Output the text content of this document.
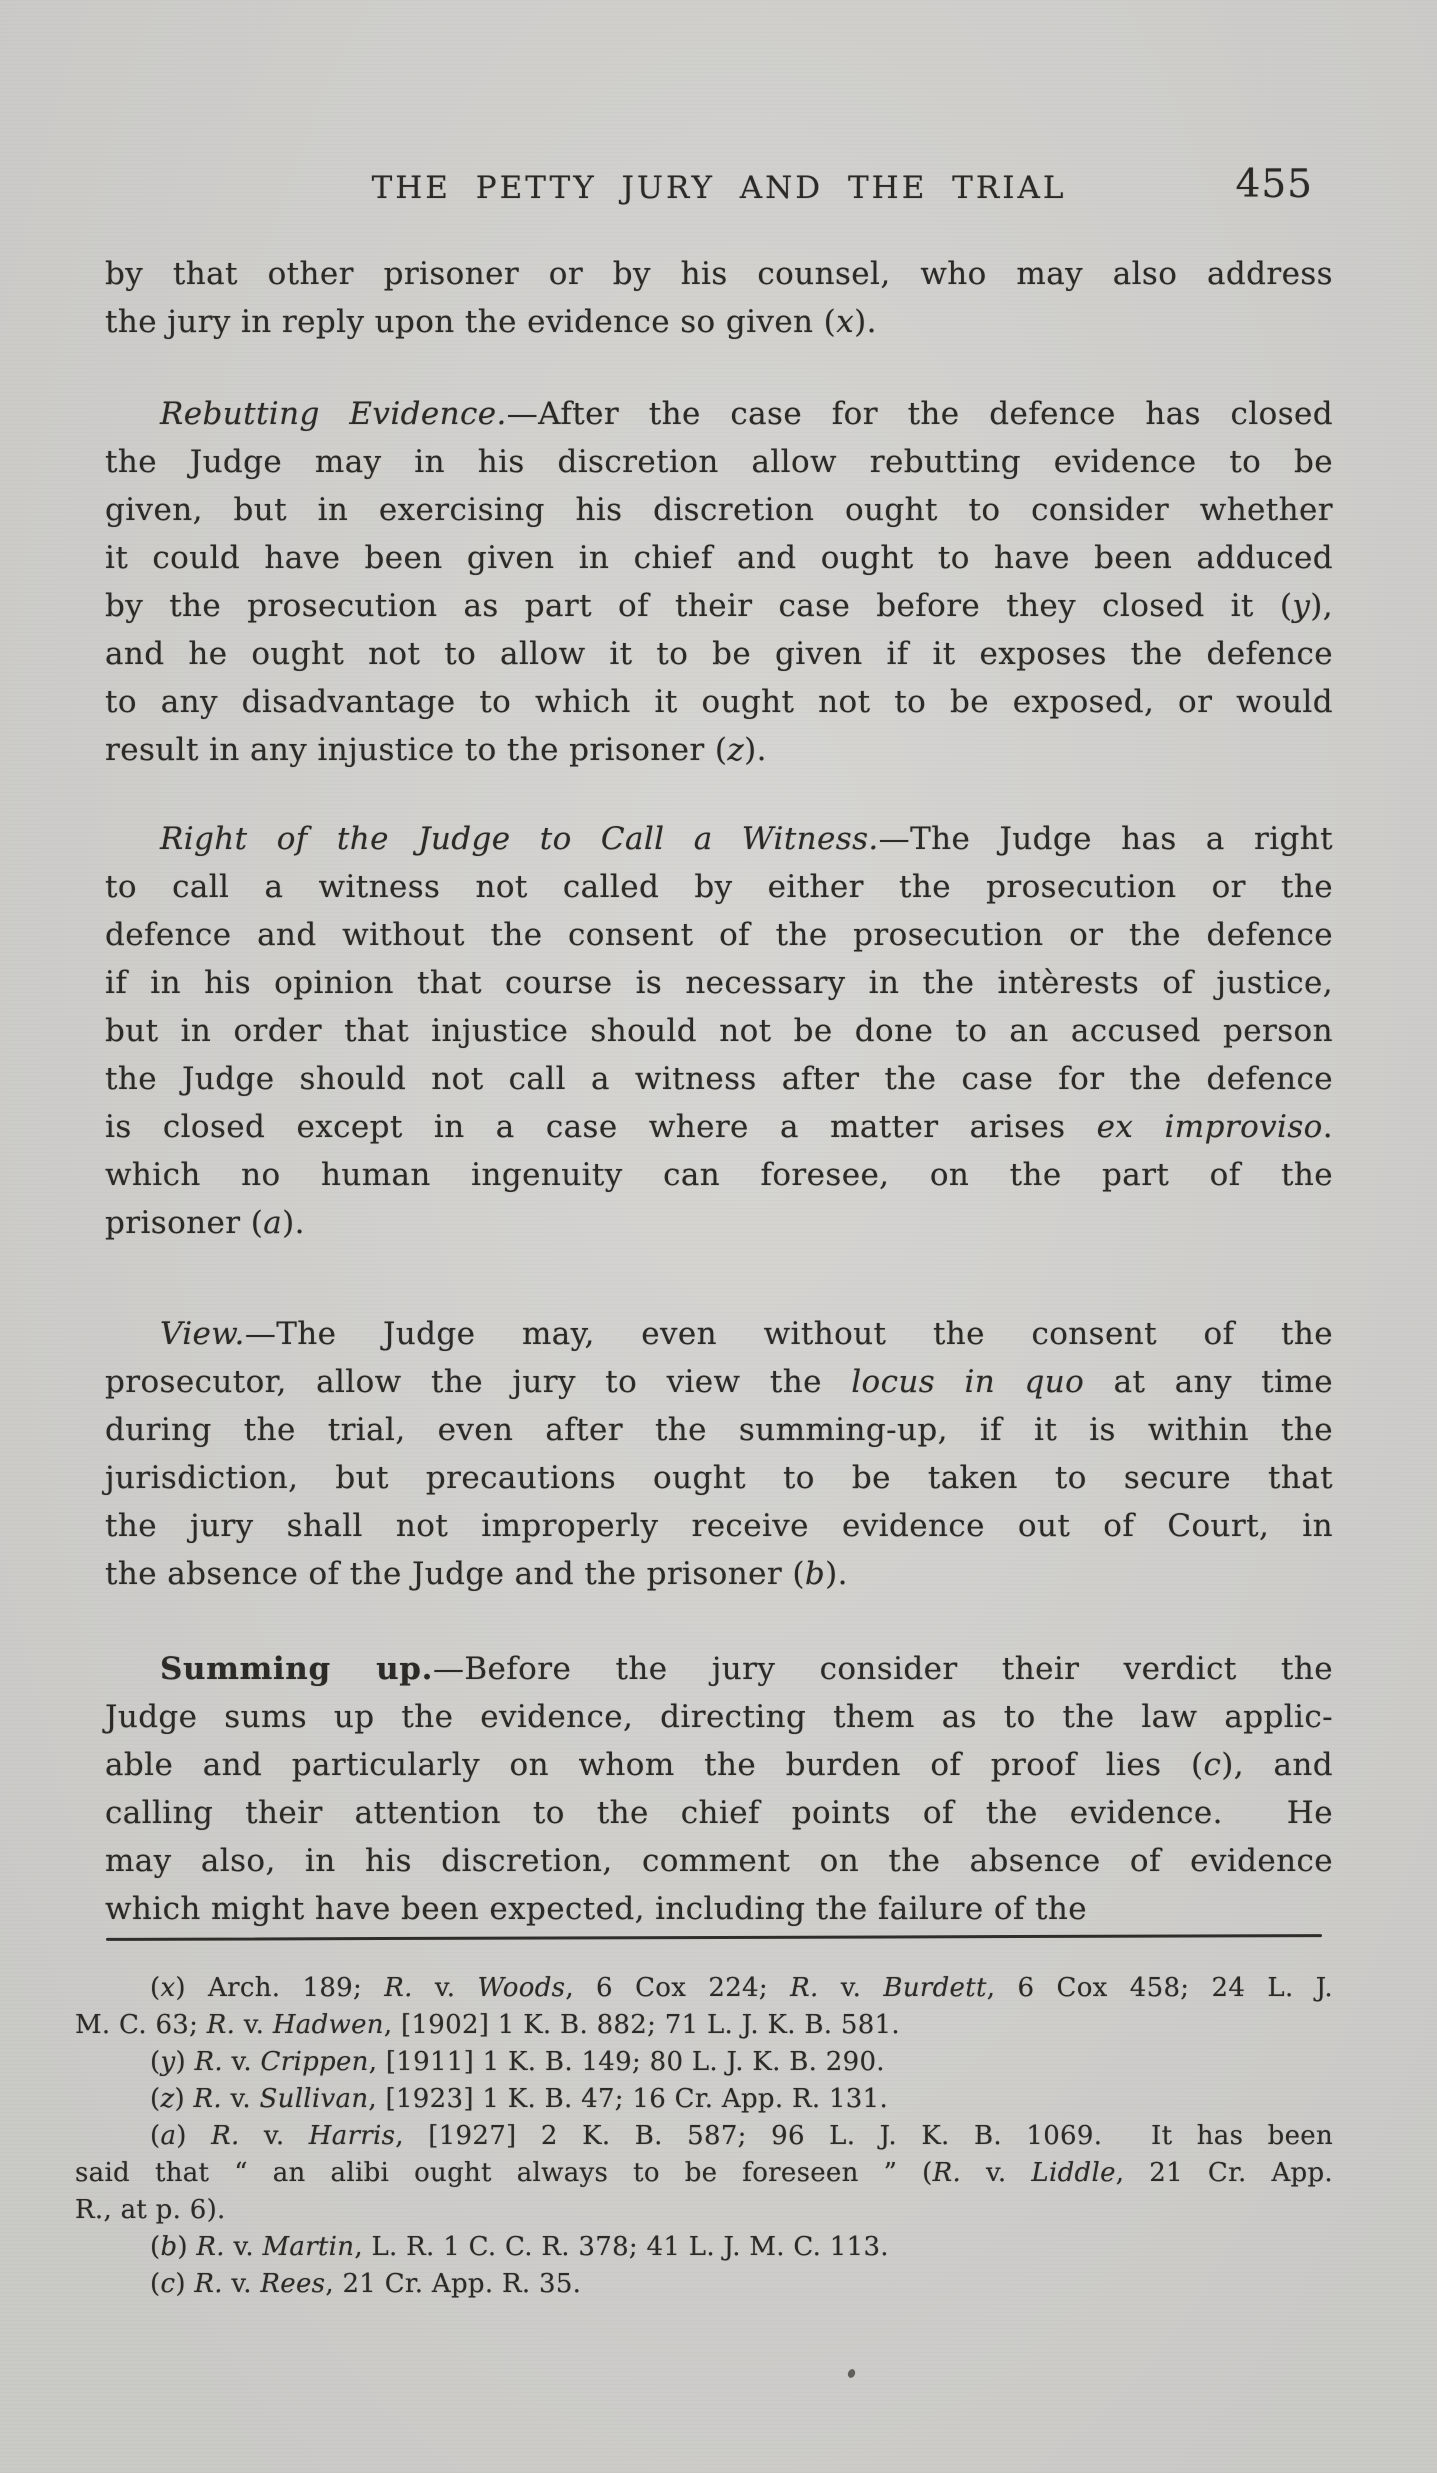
THE PETTY JURY AND THE TRIAL	455
by that other prisoner or by his counsel, who may also address
the jury in reply upon the evidence so given (x).
Rebutting Evidence.—After the case for the defence has closed
the Judge may in his discretion allow rebutting evidence to be
given, but in exercising his discretion ought to consider whether
it could have been given in chief and ought to have been adduced
by the prosecution as part of their case before they closed it (y),
and he ought not to allow it to be given if it exposes the defence
to any disadvantage to which it ought not to be exposed, or would
result in any injustice to the prisoner (z).
Right of the Judge to Call a Witness.—The Judge has a right
to call a witness not called by either the prosecution or the
defence and without the consent of the prosecution or the defence
if in his opinion that course is necessary in the intèrests of justice,
but in order that injustice should not be done to an accused person
the Judge should not call a witness after the case for the defence
is closed except in a case where a matter arises ex improviso.
which no human ingenuity can foresee, on the part of the
prisoner (a).
View.—The Judge may, even without the consent of the
prosecutor, allow the jury to view the locus in quo at any time
during the trial, even after the summing-up, if it is within the
jurisdiction, but precautions ought to be taken to secure that
the jury shall not improperly receive evidence out of Court, in
the absence of the Judge and the prisoner (b).
Summing up.—Before the jury consider their verdict the
Judge sums up the evidence, directing them as to the law applic-
able and particularly on whom the burden of proof lies (c), and
calling their attention to the chief points of the evidence.  He
may also, in his discretion, comment on the absence of evidence
which might have been expected, including the failure of the
(x) Arch. 189; R. v. Woods, 6 Cox 224; R. v. Burdett, 6 Cox 458; 24 L. J.
M. C. 63; R. v. Hadwen, [1902] 1 K. B. 882; 71 L. J. K. B. 581.
(y) R. v. Crippen, [1911] 1 K. B. 149; 80 L. J. K. B. 290.
(z) R. v. Sullivan, [1923] 1 K. B. 47; 16 Cr. App. R. 131.
(a) R. v. Harris, [1927] 2 K. B. 587; 96 L. J. K. B. 1069.  It has been
said that “ an alibi ought always to be foreseen ” (R. v. Liddle, 21 Cr. App.
R., at p. 6).
(b) R. v. Martin, L. R. 1 C. C. R. 378; 41 L. J. M. C. 113.
(c) R. v. Rees, 21 Cr. App. R. 35.
